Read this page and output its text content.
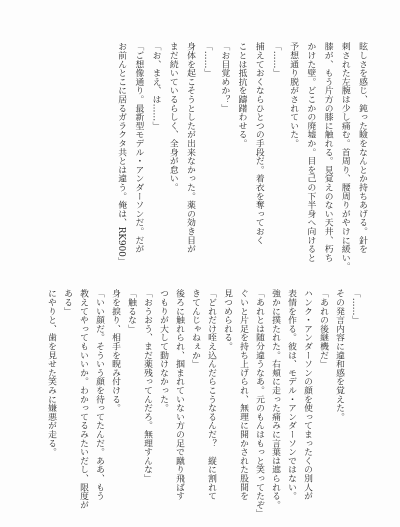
眩しさを感じ、鈍った瞼をなんとか持ちあげる。針を

刺された左腕は少し痛む。首周り、腰周りがやけに緩い。

膝が、もう片方の膝に触れる。見覚えのない天井、朽ち

かけた壁。どこかの廃墟か。目を己の下半身へ向けると

予想通り脱がされていた。

「……」

捕えておくならひとつの手段だ。着衣を奪っておく

ことは抵抗を躊躇わせる。

「お目覚めか？」

「……」

身体を起こそうとしたが出来なかった。薬の効き目が

まだ続いているらしく、全身が怠い。

「お、まえ、は……」

「ご想像通り。最新型モデル・アンダーソンだ。だが

お前んとこに居るガラクタ共とは違う。俺は、RK900」

「……」

その発言内容に違和感を覚えた。

「あれの後継機だ」

ハンク・アンダーソンの顔を使ってまったくの別人が

表情を作る。彼は、モデル・アンダーソンではない。

強かに撲たれた。右頬に走った痛みに言葉は遮られる。

「あれとは随分違うなあ。元のもんはもっと笑ってたぞ」

ぐいと片足を持ち上げられ、無理に開かされた股間を

見つめられる。

「どれだけ咥え込んだらこうなるんだ？　縦に割れて

きてんじゃねぇか」

後ろに触れられ、掴まれていない方の足で蹴り飛ばす

つもりが大して動けなかった。

「おうおう、まだ薬残ってんだろ。無理すんな」

「触るな」

身を捩り、相手を睨み付ける。

「いい顔だ。そういう顔を待ってたんだ。ああ、もう

教えてやってもいいか。わかってるみたいだし、限度が

ある」

にやりと、歯を見せた笑みに嫌悪が走る。
